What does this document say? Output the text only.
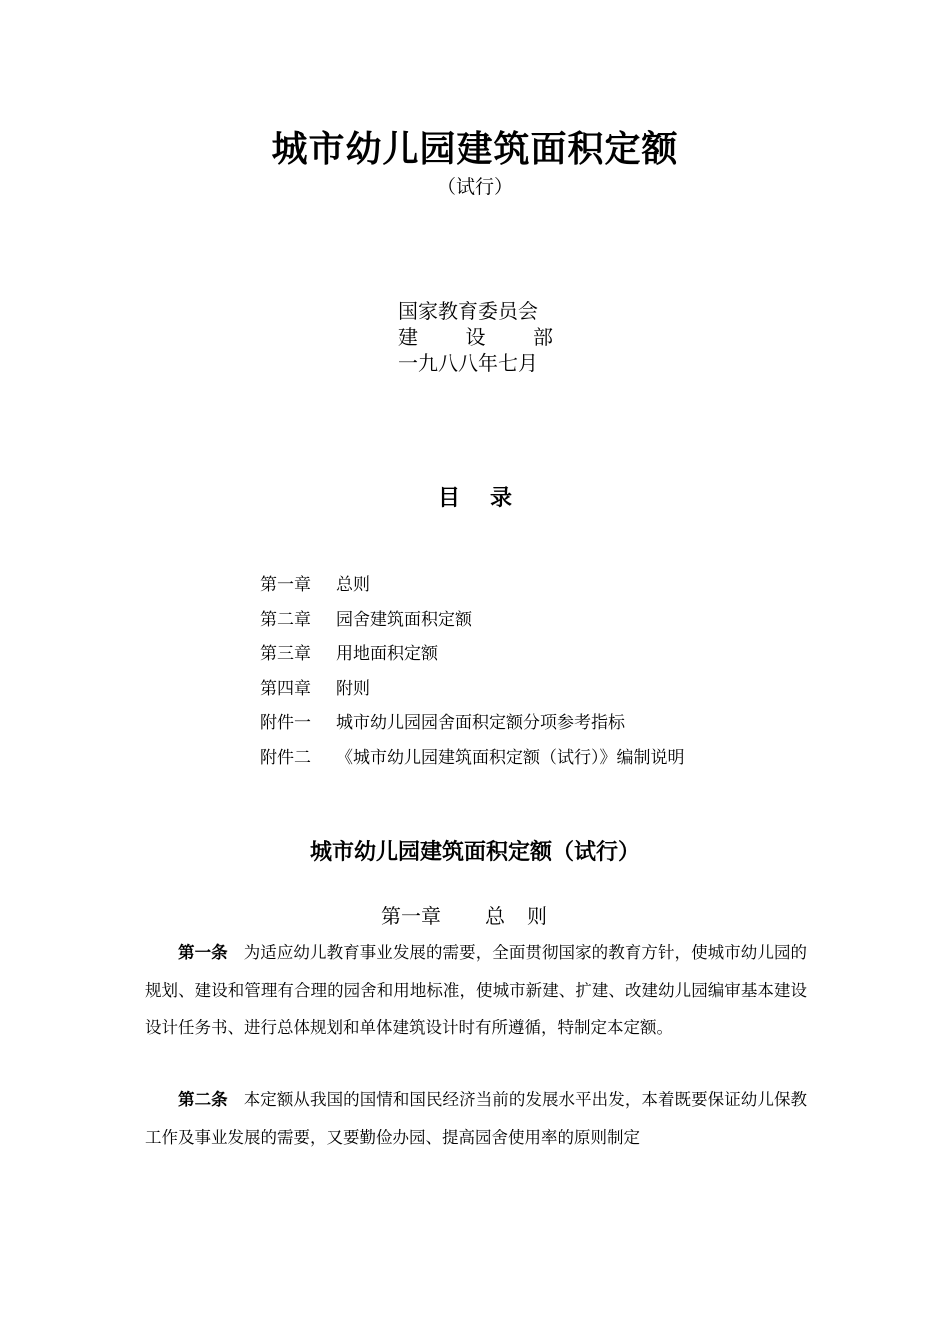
城市幼儿园建筑面积定额
（试行）
国家教育委员会
建 设 部
一九八八年七月
目录
第一章 总则
第二章 园舍建筑面积定额
第三章 用地面积定额
第四章 附则
附件一 城市幼儿园园舍面积定额分项参考指标
附件二 《城市幼儿园建筑面积定额（试行）》编制说明
城市幼儿园建筑面积定额（试行）
第一章 总则
第一条 为适应幼儿教育事业发展的需要，全面贯彻国家的教育方针，使城市幼儿园的规划、建设和管理有合理的园舍和用地标准，使城市新建、扩建、改建幼儿园编审基本建设设计任务书、进行总体规划和单体建筑设计时有所遵循，特制定本定额。
第二条 本定额从我国的国情和国民经济当前的发展水平出发，本着既要保证幼儿保教工作及事业发展的需要，又要勤俭办园、提高园舍使用率的原则制定
